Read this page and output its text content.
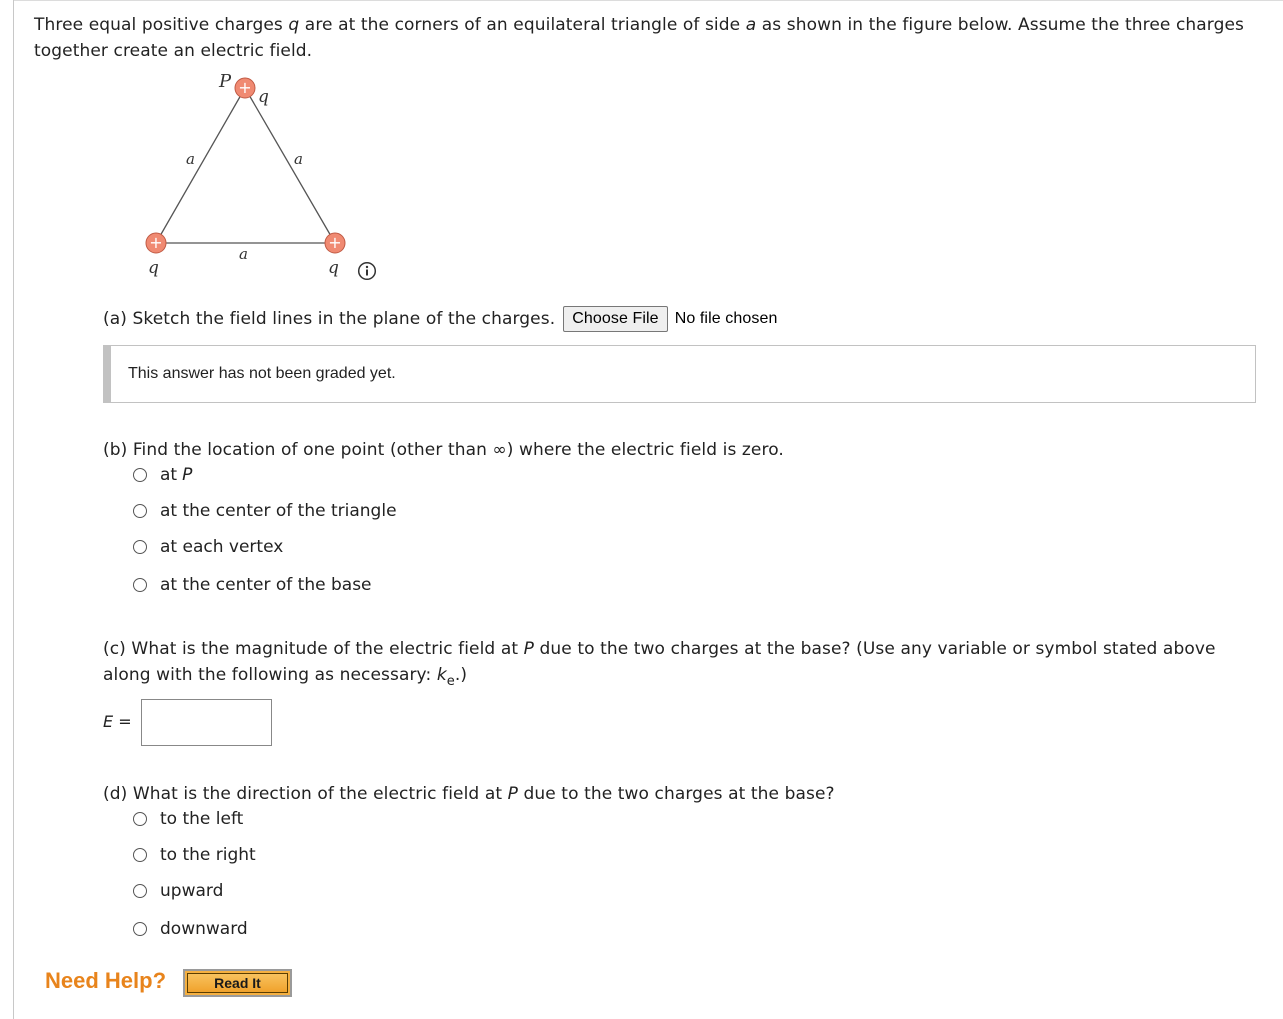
Three equal positive charges q are at the corners of an equilateral triangle of side a as shown in the figure below. Assume the three charges together create an electric field.
+
+	+
P
q
a	a
a
q	q
(a) Sketch the field lines in the plane of the charges.	Choose File	No file chosen
This answer has not been graded yet.
(b) Find the location of one point (other than ∞) where the electric field is zero.
at P
at the center of the triangle
at each vertex
at the center of the base
(c) What is the magnitude of the electric field at P due to the two charges at the base? (Use any variable or symbol stated above along with the following as necessary: $k_e$.)
E =
(d) What is the direction of the electric field at P due to the two charges at the base?
to the left
to the right
upward
downward
Need Help?	Read It
